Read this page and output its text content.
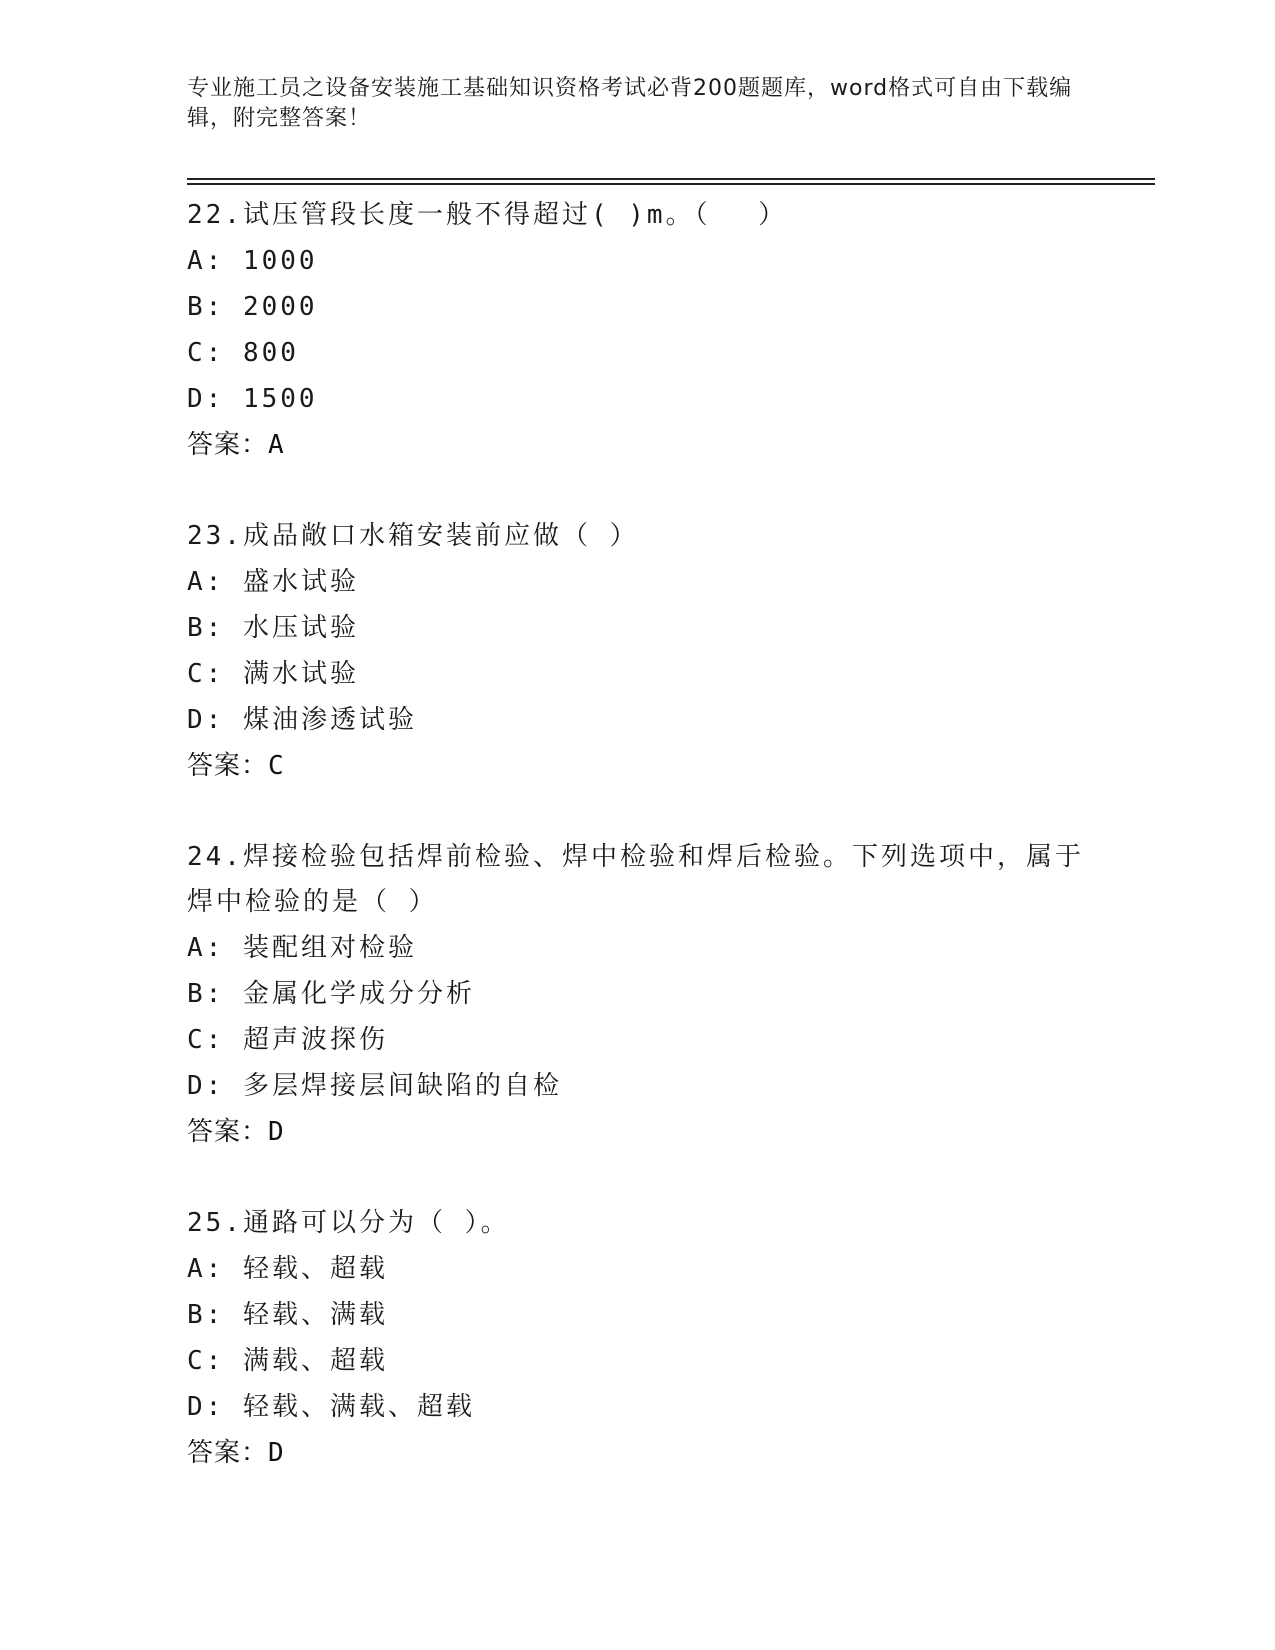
专业施工员之设备安装施工基础知识资格考试必背200题题库，word格式可自由下载编辑，附完整答案！
22.试压管段长度一般不得超过( )m。（　 ）
A: 1000
B: 2000
C: 800
D: 1500
答案：A
23.成品敞口水箱安装前应做（ ）
A: 盛水试验
B: 水压试验
C: 满水试验
D: 煤油渗透试验
答案：C
24.焊接检验包括焊前检验、焊中检验和焊后检验。下列选项中，属于焊中检验的是（ ）
A: 装配组对检验
B: 金属化学成分分析
C: 超声波探伤
D: 多层焊接层间缺陷的自检
答案：D
25.通路可以分为（ ）。
A: 轻载、超载
B: 轻载、满载
C: 满载、超载
D: 轻载、满载、超载
答案：D
